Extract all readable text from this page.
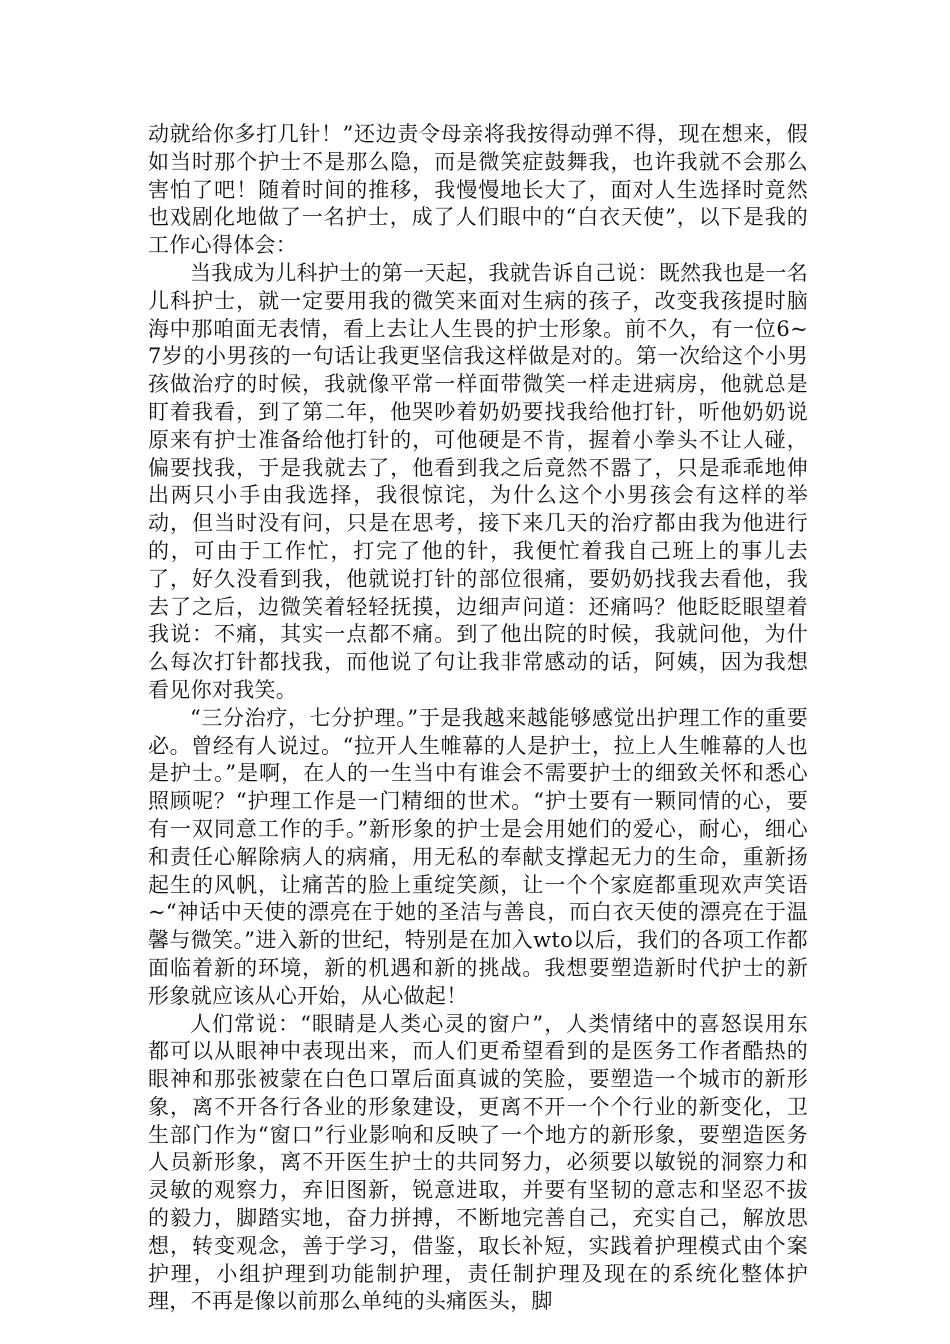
动就给你多打几针！”还边责令母亲将我按得动弹不得，现在想来，假如当时那个护士不是那么隐，而是微笑症鼓舞我，也许我就不会那么害怕了吧！随着时间的推移，我慢慢地长大了，面对人生选择时竟然也戏剧化地做了一名护士，成了人们眼中的“白衣天使”，以下是我的工作心得体会：

当我成为儿科护士的第一天起，我就告诉自己说：既然我也是一名儿科护士，就一定要用我的微笑来面对生病的孩子，改变我孩提时脑海中那咱面无表情，看上去让人生畏的护士形象。前不久，有一位6~7岁的小男孩的一句话让我更坚信我这样做是对的。第一次给这个小男孩做治疗的时候，我就像平常一样面带微笑一样走进病房，他就总是盯着我看，到了第二年，他哭吵着奶奶要找我给他打针，听他奶奶说原来有护士准备给他打针的，可他硬是不肯，握着小拳头不让人碰，偏要找我，于是我就去了，他看到我之后竟然不嚣了，只是乖乖地伸出两只小手由我选择，我很惊诧，为什么这个小男孩会有这样的举动，但当时没有问，只是在思考，接下来几天的治疗都由我为他进行的，可由于工作忙，打完了他的针，我便忙着我自己班上的事儿去了，好久没看到我，他就说打针的部位很痛，要奶奶找我去看他，我去了之后，边微笑着轻轻抚摸，边细声问道：还痛吗？他眨眨眼望着我说：不痛，其实一点都不痛。到了他出院的时候，我就问他，为什么每次打针都找我，而他说了句让我非常感动的话，阿姨，因为我想看见你对我笑。

“三分治疗，七分护理。”于是我越来越能够感觉出护理工作的重要必。曾经有人说过。“拉开人生帷幕的人是护士，拉上人生帷幕的人也是护士。”是啊，在人的一生当中有谁会不需要护士的细致关怀和悉心照顾呢？“护理工作是一门精细的世术。“护士要有一颗同情的心，要有一双同意工作的手。”新形象的护士是会用她们的爱心，耐心，细心和责任心解除病人的病痛，用无私的奉献支撑起无力的生命，重新扬起生的风帆，让痛苦的脸上重绽笑颜，让一个个家庭都重现欢声笑语~“神话中天使的漂亮在于她的圣洁与善良，而白衣天使的漂亮在于温馨与微笑。”进入新的世纪，特别是在加入wto以后，我们的各项工作都面临着新的环境，新的机遇和新的挑战。我想要塑造新时代护士的新形象就应该从心开始，从心做起！

人们常说：“眼睛是人类心灵的窗户”，人类情绪中的喜怒误用东都可以从眼神中表现出来，而人们更希望看到的是医务工作者酷热的眼神和那张被蒙在白色口罩后面真诚的笑脸，要塑造一个城市的新形象，离不开各行各业的形象建设，更离不开一个个行业的新变化，卫生部门作为“窗口”行业影响和反映了一个地方的新形象，要塑造医务人员新形象，离不开医生护士的共同努力，必须要以敏锐的洞察力和灵敏的观察力，弃旧图新，锐意进取，并要有坚韧的意志和坚忍不拔的毅力，脚踏实地，奋力拼搏，不断地完善自己，充实自己，解放思想，转变观念，善于学习，借鉴，取长补短，实践着护理模式由个案护理，小组护理到功能制护理，责任制护理及现在的系统化整体护理，不再是像以前那么单纯的头痛医头，脚
